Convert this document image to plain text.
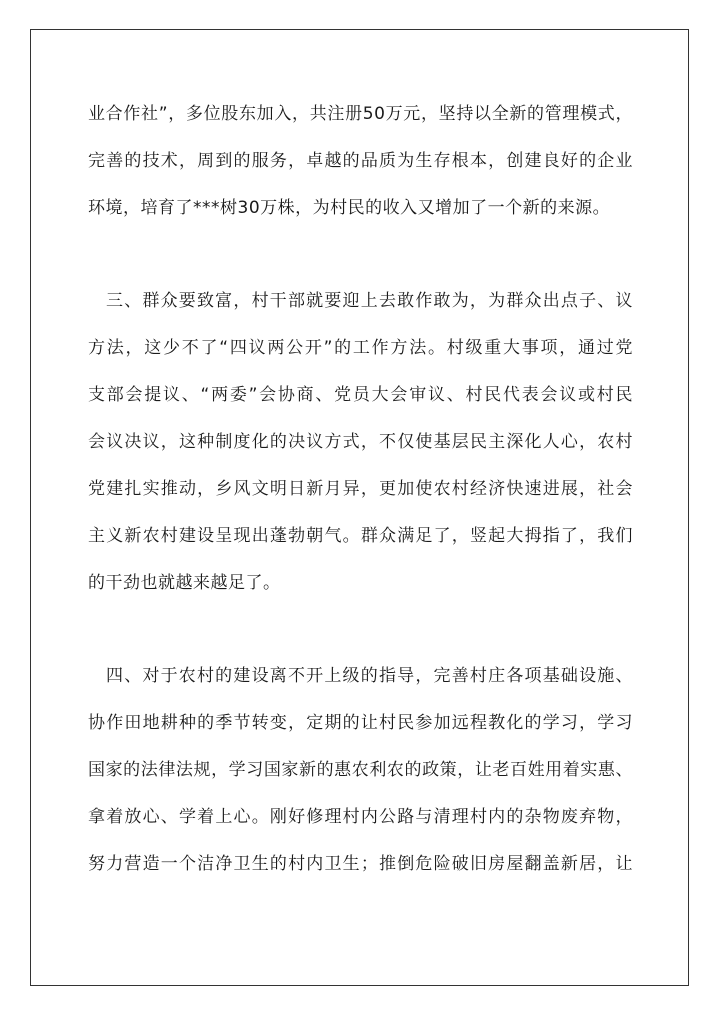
业合作社”，多位股东加入，共注册50万元，坚持以全新的管理模式，
完善的技术，周到的服务，卓越的品质为生存根本，创建良好的企业
环境，培育了***树30万株，为村民的收入又增加了一个新的来源。
三、群众要致富，村干部就要迎上去敢作敢为，为群众出点子、议
方法，这少不了“四议两公开”的工作方法。村级重大事项，通过党
支部会提议、“两委”会协商、党员大会审议、村民代表会议或村民
会议决议，这种制度化的决议方式，不仅使基层民主深化人心，农村
党建扎实推动，乡风文明日新月异，更加使农村经济快速进展，社会
主义新农村建设呈现出蓬勃朝气。群众满足了，竖起大拇指了，我们
的干劲也就越来越足了。
四、对于农村的建设离不开上级的指导，完善村庄各项基础设施、
协作田地耕种的季节转变，定期的让村民参加远程教化的学习，学习
国家的法律法规，学习国家新的惠农利农的政策，让老百姓用着实惠、
拿着放心、学着上心。刚好修理村内公路与清理村内的杂物废弃物，
努力营造一个洁净卫生的村内卫生；推倒危险破旧房屋翻盖新居，让
